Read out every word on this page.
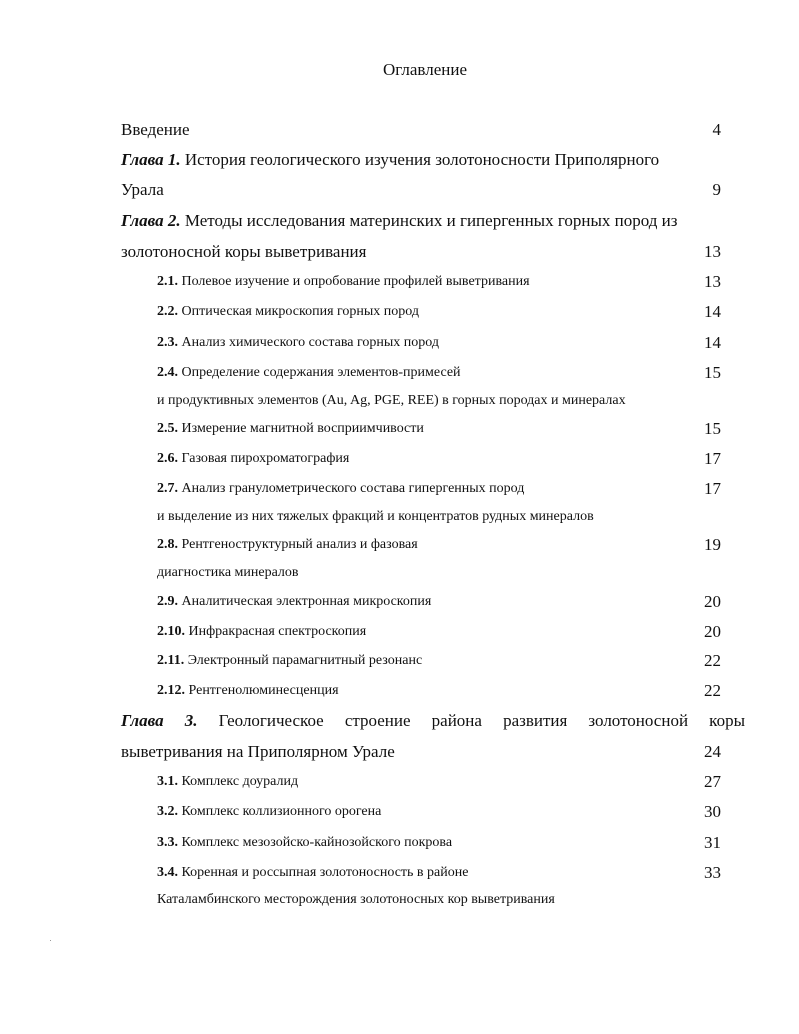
Оглавление
Введение	4
Глава 1. История геологического изучения золотоносности Приполярного
Урала	9
Глава 2. Методы исследования материнских и гипергенных горных пород из
золотоносной коры выветривания	13
2.1. Полевое изучение и опробование профилей выветривания	13
2.2. Оптическая микроскопия горных пород	14
2.3. Анализ химического состава горных пород	14
2.4. Определение содержания элементов-примесей	15
и продуктивных элементов (Au, Ag, PGE, REE) в горных породах и минералах
2.5. Измерение магнитной восприимчивости	15
2.6. Газовая пирохроматография	17
2.7. Анализ гранулометрического состава гипергенных пород	17
и выделение из них тяжелых фракций и концентратов рудных минералов
2.8. Рентгеноструктурный анализ и фазовая	19
диагностика минералов
2.9. Аналитическая электронная микроскопия	20
2.10. Инфракрасная спектроскопия	20
2.11. Электронный парамагнитный резонанс	22
2.12. Рентгенолюминесценция	22
Глава 3. Геологическое строение района развития золотоносной коры
выветривания на Приполярном Урале	24
3.1. Комплекс доуралид	27
3.2. Комплекс коллизионного орогена	30
3.3. Комплекс мезозойско-кайнозойского покрова	31
3.4. Коренная и россыпная золотоносность в районе	33
Каталамбинского месторождения золотоносных кор выветривания
